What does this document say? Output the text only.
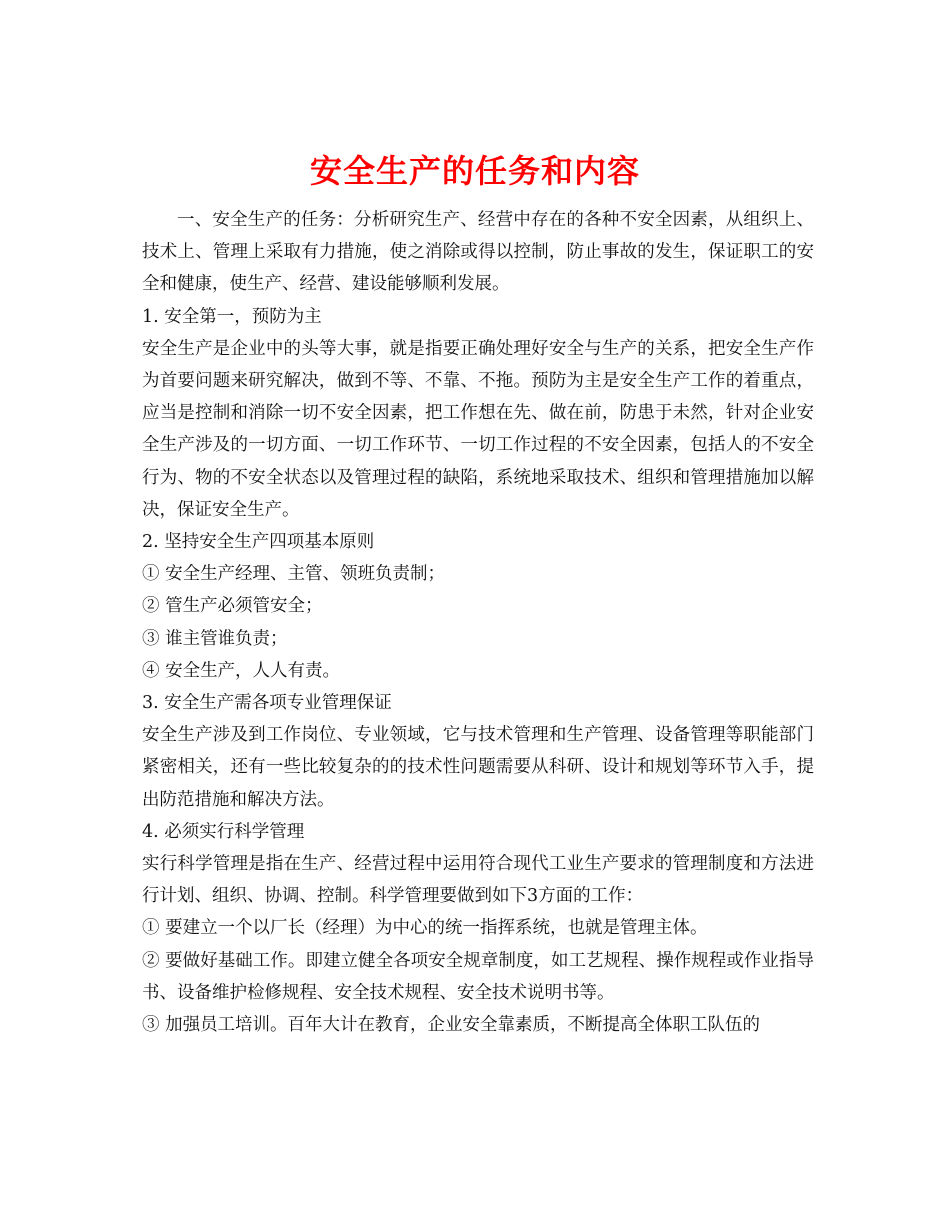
安全生产的任务和内容

一、安全生产的任务：分析研究生产、经营中存在的各种不安全因素，从组织上、技术上、管理上采取有力措施，使之消除或得以控制，防止事故的发生，保证职工的安全和健康，使生产、经营、建设能够顺利发展。

1. 安全第一，预防为主

安全生产是企业中的头等大事，就是指要正确处理好安全与生产的关系，把安全生产作为首要问题来研究解决，做到不等、不靠、不拖。预防为主是安全生产工作的着重点，应当是控制和消除一切不安全因素，把工作想在先、做在前，防患于未然，针对企业安全生产涉及的一切方面、一切工作环节、一切工作过程的不安全因素，包括人的不安全行为、物的不安全状态以及管理过程的缺陷，系统地采取技术、组织和管理措施加以解决，保证安全生产。

2. 坚持安全生产四项基本原则

① 安全生产经理、主管、领班负责制；

② 管生产必须管安全；

③ 谁主管谁负责；

④ 安全生产，人人有责。

3. 安全生产需各项专业管理保证

安全生产涉及到工作岗位、专业领域，它与技术管理和生产管理、设备管理等职能部门紧密相关，还有一些比较复杂的的技术性问题需要从科研、设计和规划等环节入手，提出防范措施和解决方法。

4. 必须实行科学管理

实行科学管理是指在生产、经营过程中运用符合现代工业生产要求的管理制度和方法进行计划、组织、协调、控制。科学管理要做到如下3方面的工作：

① 要建立一个以厂长（经理）为中心的统一指挥系统，也就是管理主体。

② 要做好基础工作。即建立健全各项安全规章制度，如工艺规程、操作规程或作业指导书、设备维护检修规程、安全技术规程、安全技术说明书等。

③ 加强员工培训。百年大计在教育，企业安全靠素质，不断提高全体职工队伍的
